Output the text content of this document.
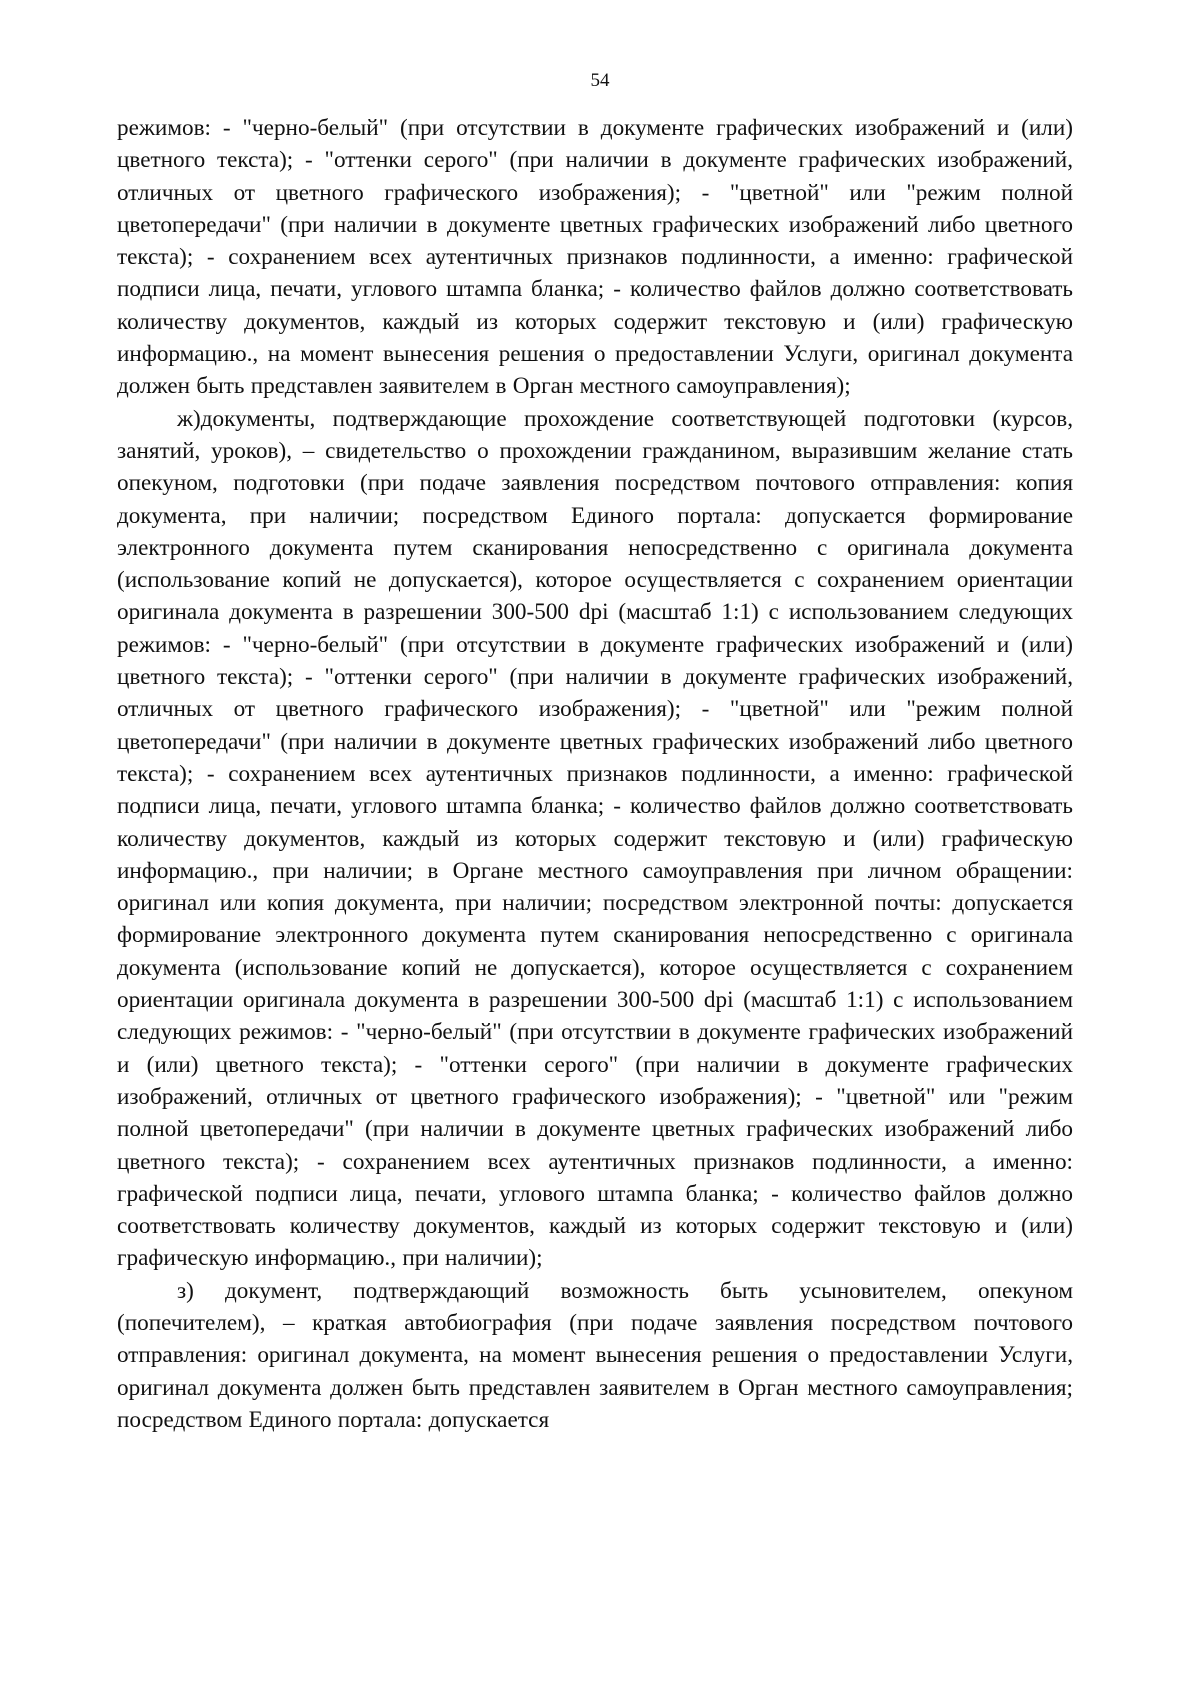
54

режимов: - "черно-белый" (при отсутствии в документе графических изображений и (или) цветного текста); - "оттенки серого" (при наличии в документе графических изображений, отличных от цветного графического изображения); - "цветной" или "режим полной цветопередачи" (при наличии в документе цветных графических изображений либо цветного текста); - сохранением всех аутентичных признаков подлинности, а именно: графической подписи лица, печати, углового штампа бланка; - количество файлов должно соответствовать количеству документов, каждый из которых содержит текстовую и (или) графическую информацию., на момент вынесения решения о предоставлении Услуги, оригинал документа должен быть представлен заявителем в Орган местного самоуправления);

ж)документы, подтверждающие прохождение соответствующей подготовки (курсов, занятий, уроков), – свидетельство о прохождении гражданином, выразившим желание стать опекуном, подготовки (при подаче заявления посредством почтового отправления: копия документа, при наличии; посредством Единого портала: допускается формирование электронного документа путем сканирования непосредственно с оригинала документа (использование копий не допускается), которое осуществляется с сохранением ориентации оригинала документа в разрешении 300-500 dpi (масштаб 1:1) с использованием следующих режимов: - "черно-белый" (при отсутствии в документе графических изображений и (или) цветного текста); - "оттенки серого" (при наличии в документе графических изображений, отличных от цветного графического изображения); - "цветной" или "режим полной цветопередачи" (при наличии в документе цветных графических изображений либо цветного текста); - сохранением всех аутентичных признаков подлинности, а именно: графической подписи лица, печати, углового штампа бланка; - количество файлов должно соответствовать количеству документов, каждый из которых содержит текстовую и (или) графическую информацию., при наличии; в Органе местного самоуправления при личном обращении: оригинал или копия документа, при наличии; посредством электронной почты: допускается формирование электронного документа путем сканирования непосредственно с оригинала документа (использование копий не допускается), которое осуществляется с сохранением ориентации оригинала документа в разрешении 300-500 dpi (масштаб 1:1) с использованием следующих режимов: - "черно-белый" (при отсутствии в документе графических изображений и (или) цветного текста); - "оттенки серого" (при наличии в документе графических изображений, отличных от цветного графического изображения); - "цветной" или "режим полной цветопередачи" (при наличии в документе цветных графических изображений либо цветного текста); - сохранением всех аутентичных признаков подлинности, а именно: графической подписи лица, печати, углового штампа бланка; - количество файлов должно соответствовать количеству документов, каждый из которых содержит текстовую и (или) графическую информацию., при наличии);

з) документ, подтверждающий возможность быть усыновителем, опекуном (попечителем), – краткая автобиография (при подаче заявления посредством почтового отправления: оригинал документа, на момент вынесения решения о предоставлении Услуги, оригинал документа должен быть представлен заявителем в Орган местного самоуправления; посредством Единого портала: допускается
